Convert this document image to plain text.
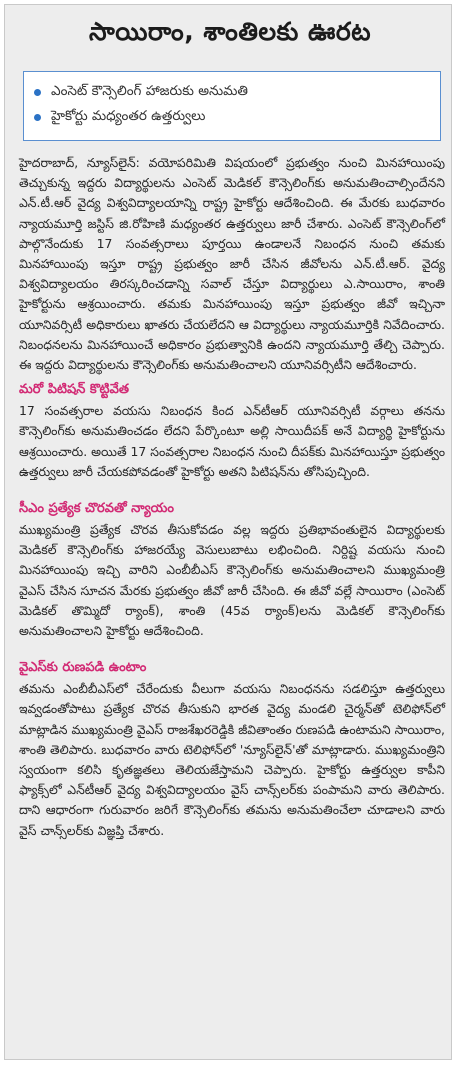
సాయిరాం, శాంతిలకు ఊరట
ఎంసెట్ కౌన్సెలింగ్ హాజరుకు అనుమతి
హైకోర్టు మధ్యంతర ఉత్తర్వులు

హైదరాబాద్, న్యూస్‌లైన్: వయోపరిమితి విషయంలో ప్రభుత్వం నుంచి మినహాయింపు తెచ్చుకున్న ఇద్దరు విద్యార్థులను ఎంసెట్ మెడికల్ కౌన్సెలింగ్‌కు అనుమతించాల్సిందేనని ఎన్.టీ.ఆర్ వైద్య విశ్వవిద్యాలయాన్ని రాష్ట్ర హైకోర్టు ఆదేశించింది. ఈ మేరకు బుధవారం న్యాయమూర్తి జస్టిస్ జి.రోహిణి మధ్యంతర ఉత్తర్వులు జారీ చేశారు. ఎంసెట్ కౌన్సెలింగ్‌లో పాల్గొనేందుకు 17 సంవత్సరాలు పూర్తయి ఉండాలనే నిబంధన నుంచి తమకు మినహాయింపు ఇస్తూ రాష్ట్ర ప్రభుత్వం జారీ చేసిన జీవోలను ఎన్.టీ.ఆర్. వైద్య విశ్వవిద్యాలయం తిరస్కరించడాన్ని సవాల్ చేస్తూ విద్యార్థులు ఎ.సాయిరాం, శాంతి హైకోర్టును ఆశ్రయించారు. తమకు మినహాయింపు ఇస్తూ ప్రభుత్వం జీవో ఇచ్చినా యూనివర్సిటీ అధికారులు ఖాతరు చేయలేదని ఆ విద్యార్థులు న్యాయమూర్తికి నివేదించారు. నిబంధనలను మినహాయించే అధికారం ప్రభుత్వానికి ఉందని న్యాయమూర్తి తేల్చి చెప్పారు. ఈ ఇద్దరు విద్యార్థులను కౌన్సెలింగ్‌కు అనుమతించాలని యూనివర్సిటీని ఆదేశించారు.

మరో పిటిషన్ కొట్టివేత

17 సంవత్సరాల వయసు నిబంధన కింద ఎన్‌టీఆర్ యూనివర్సిటీ వర్గాలు తనను కౌన్సెలింగ్‌కు అనుమతించడం లేదని పేర్కొంటూ అల్లి సాయిదీపక్ అనే విద్యార్థి హైకోర్టును ఆశ్రయించారు. అయితే 17 సంవత్సరాల నిబంధన నుంచి దీపక్‌కు మినహాయిస్తూ ప్రభుత్వం ఉత్తర్వులు జారీ చేయకపోవడంతో హైకోర్టు అతని పిటిషన్‌ను తోసిపుచ్చింది.

సీఎం ప్రత్యేక చొరవతో న్యాయం

ముఖ్యమంత్రి ప్రత్యేక చొరవ తీసుకోవడం వల్ల ఇద్దరు ప్రతిభావంతులైన విద్యార్థులకు మెడికల్ కౌన్సెలింగ్‌కు హాజరయ్యే వెసులుబాటు లభించింది. నిర్దిష్ట వయసు నుంచి మినహాయింపు ఇచ్చి వారిని ఎంబీబీఎస్ కౌన్సెలింగ్‌కు అనుమతించాలని ముఖ్యమంత్రి వైఎస్ చేసిన సూచన మేరకు ప్రభుత్వం జీవో జారీ చేసింది. ఈ జీవో వల్లే సాయిరాం (ఎంసెట్ మెడికల్ తొమ్మిదో ర్యాంక్), శాంతి (45వ ర్యాంక్)లను మెడికల్ కౌన్సెలింగ్‌కు అనుమతించాలని హైకోర్టు ఆదేశించింది.

వైఎస్‌కు రుణపడి ఉంటాం

తమను ఎంబీబీఎస్‌లో చేరేందుకు వీలుగా వయసు నిబంధనను సడలిస్తూ ఉత్తర్వులు ఇవ్వడంతోపాటు ప్రత్యేక చొరవ తీసుకుని భారత వైద్య మండలి చైర్మన్‌తో టెలిఫోన్‌లో మాట్లాడిన ముఖ్యమంత్రి వైఎస్ రాజశేఖరరెడ్డికి జీవితాంతం రుణపడి ఉంటామని సాయిరాం, శాంతి తెలిపారు. బుధవారం వారు టెలిఫోన్‌లో 'న్యూస్‌లైన్'తో మాట్లాడారు. ముఖ్యమంత్రిని స్వయంగా కలిసి కృతజ్ఞతలు తెలియజేస్తామని చెప్పారు. హైకోర్టు ఉత్తర్వుల కాపీని ఫ్యాక్స్‌లో ఎన్‌టీఆర్ వైద్య విశ్వవిద్యాలయం వైస్ చాన్స్‌లర్‌కు పంపామని వారు తెలిపారు. దాని ఆధారంగా గురువారం జరిగే కౌన్సెలింగ్‌కు తమను అనుమతించేలా చూడాలని వారు వైస్ చాన్స్‌లర్‌కు విజ్ఞప్తి చేశారు.
